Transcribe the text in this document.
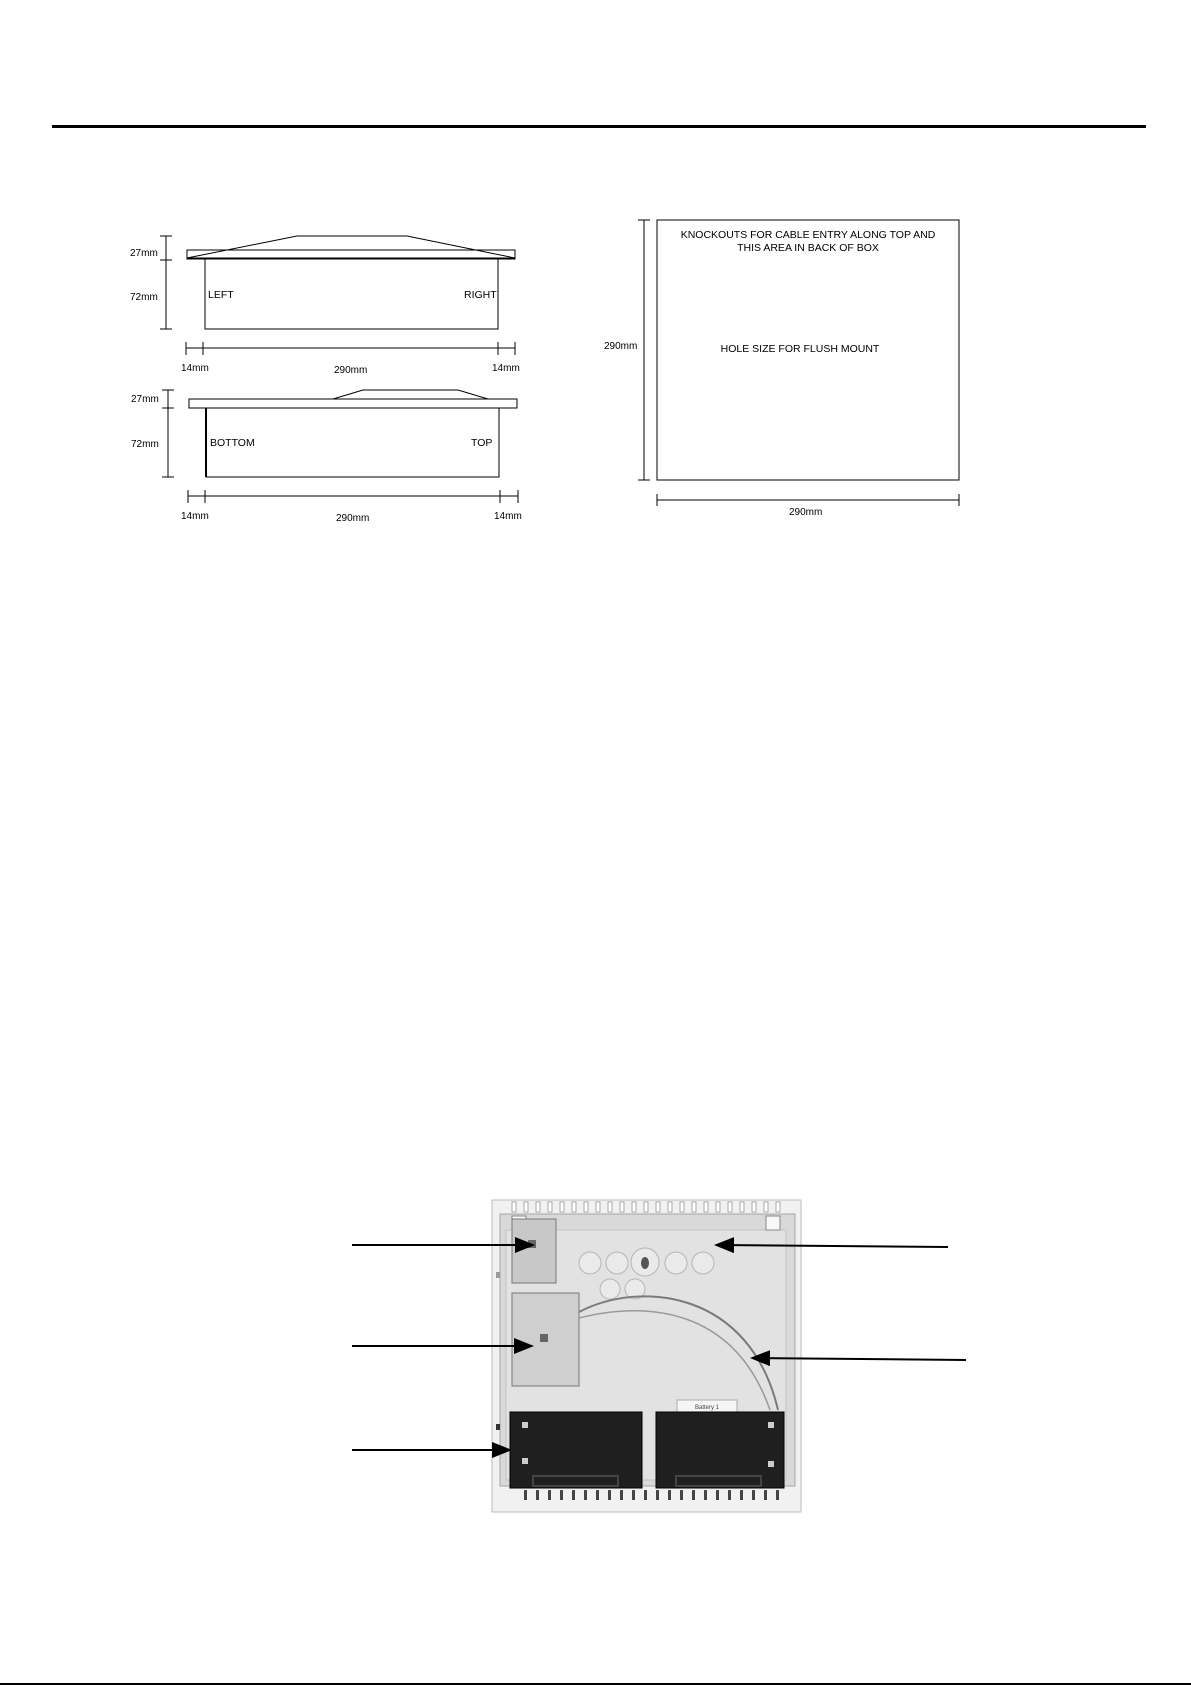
27mm
72mm	LEFT	RIGHT
14mm	290mm	14mm
27mm
72mm	BOTTOM	TOP
14mm	290mm	14mm
KNOCKOUTS FOR CABLE ENTRY ALONG TOP AND
THIS AREA IN BACK OF BOX
HOLE SIZE FOR FLUSH MOUNT
290mm
290mm
Battery 1
